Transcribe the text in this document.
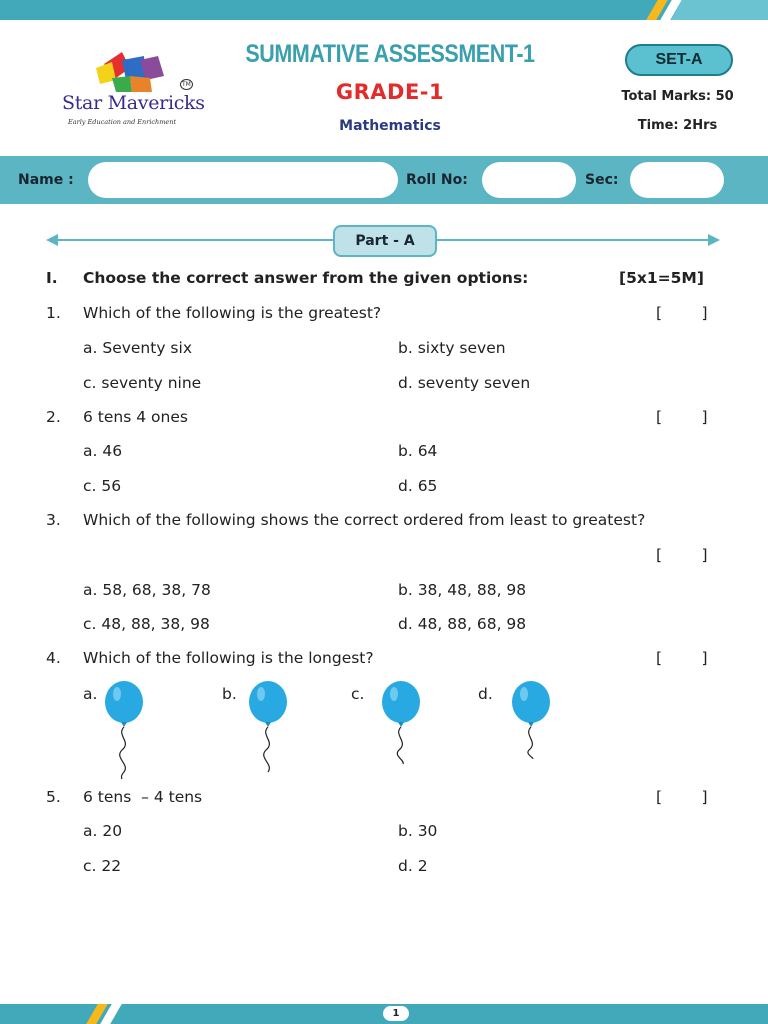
Star Mavericks
Early Education and Enrichment
TM
SUMMATIVE ASSESSMENT-1
GRADE-1
Mathematics
SET-A
Total Marks: 50
Time: 2Hrs
Name :	Roll No:	Sec:
Part - A
I. Choose the correct answer from the given options:	[5x1=5M]
1. Which of the following is the greatest?	[        ]
a. Seventy six	b. sixty seven
c. seventy nine	d. seventy seven
2. 6 tens 4 ones	[        ]
a. 46	b. 64
c. 56	d. 65
3. Which of the following shows the correct ordered from least to greatest?
[        ]
a. 58, 68, 38, 78	b. 38, 48, 88, 98
c. 48, 88, 38, 98	d. 48, 88, 68, 98
4. Which of the following is the longest?	[        ]
a.	b.	c.	d.
5. 6 tens  – 4 tens	[        ]
a. 20	b. 30
c. 22	d. 2
1
